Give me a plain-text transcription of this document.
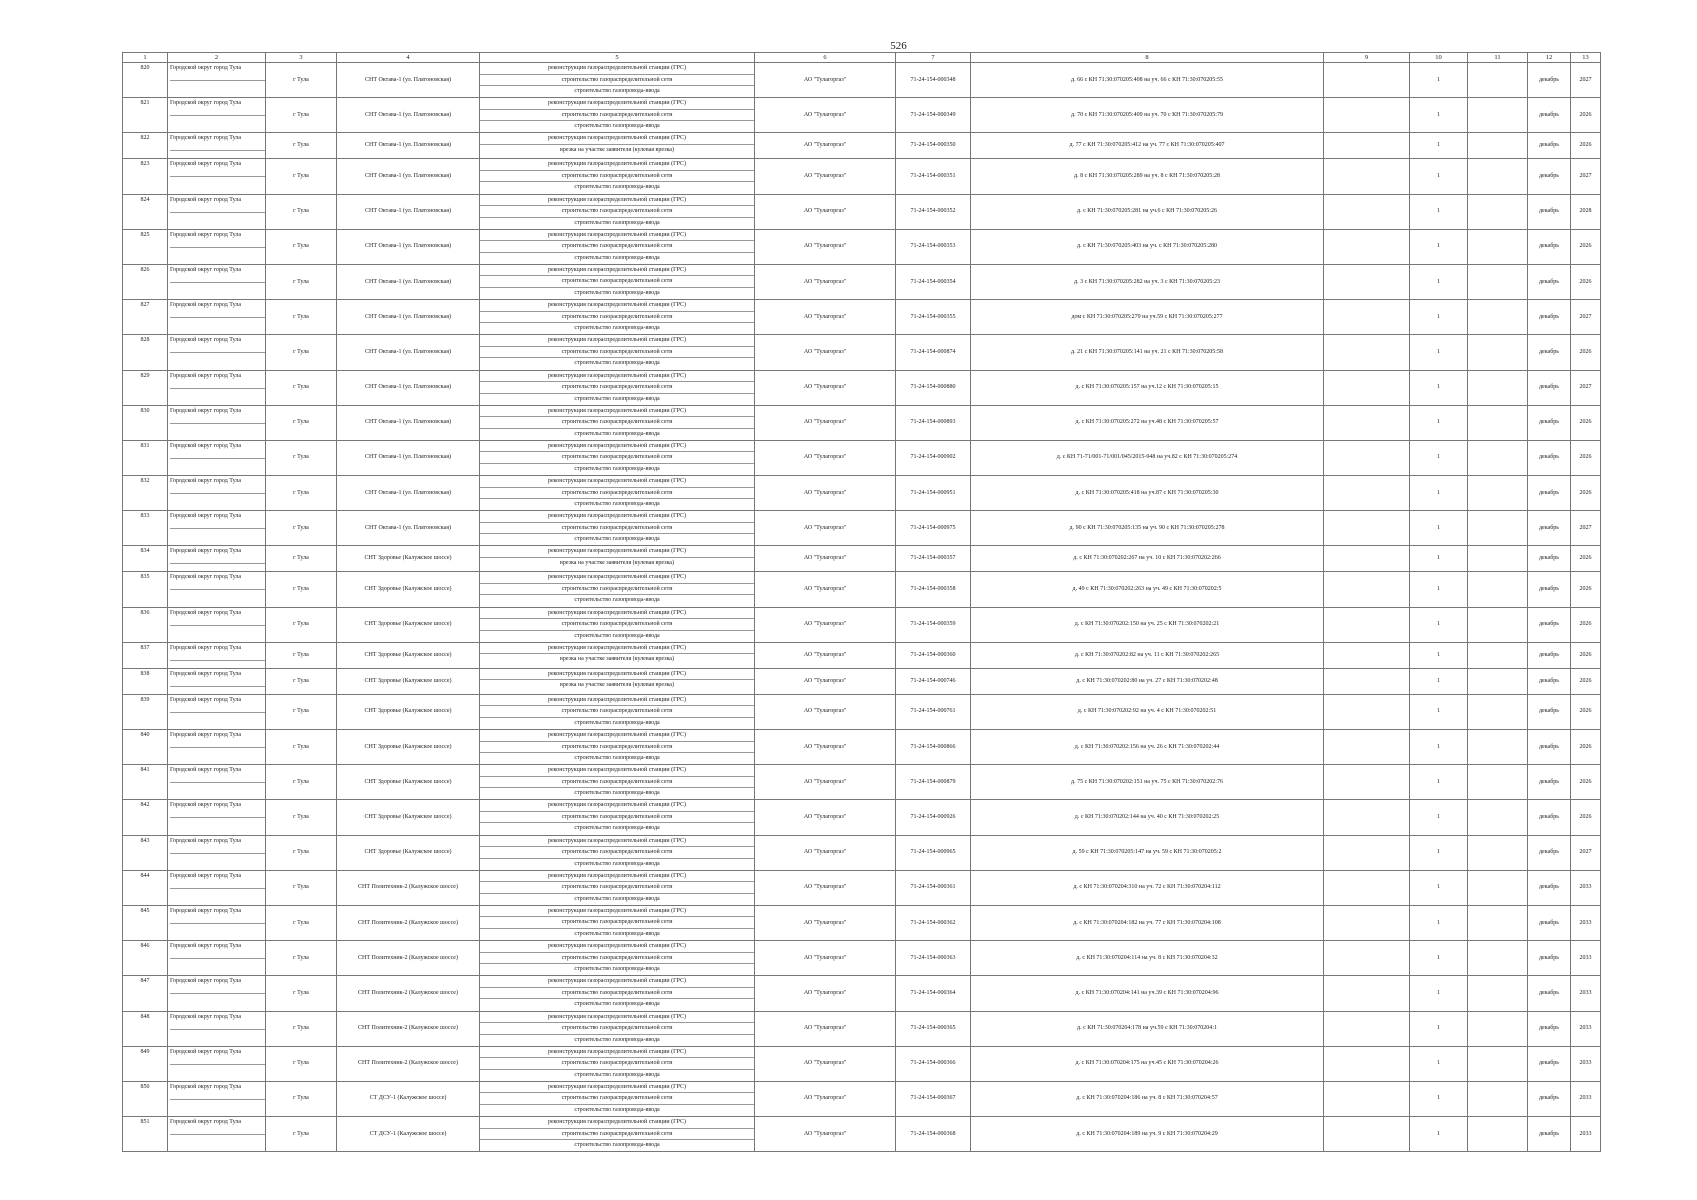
526
1	2	3	4	5	6	7	8	9	10	11	12	13
820	Городской округ город Тула	г Тула	СНТ Октава-1 (ул. Платоновская)	реконструкция газораспределительной станции (ГРС)
строительство газораспределительной сети
строительство газопровода-ввода	АО "Тулагоргаз"	71-24-154-000348	д. 66 с КН 71:30:070205:408 на уч. 66 с КН 71:30:070205:55		1		декабрь	2027
821	Городской округ город Тула	г Тула	СНТ Октава-1 (ул. Платоновская)	реконструкция газораспределительной станции (ГРС)
строительство газораспределительной сети
строительство газопровода-ввода	АО "Тулагоргаз"	71-24-154-000349	д. 70 с КН 71:30:070205:409 на уч. 70 с КН 71:30:070205:79		1		декабрь	2026
822	Городской округ город Тула	г Тула	СНТ Октава-1 (ул. Платоновская)	реконструкция газораспределительной станции (ГРС)
врезка на участке заявителя (кулевая врезка)	АО "Тулагоргаз"	71-24-154-000350	д. 77 с КН 71:30:070205:412 на уч. 77 с КН 71:30:070205:407		1		декабрь	2026
823	Городской округ город Тула	г Тула	СНТ Октава-1 (ул. Платоновская)	реконструкция газораспределительной станции (ГРС)
строительство газораспределительной сети
строительство газопровода-ввода	АО "Тулагоргаз"	71-24-154-000351	д. 8 с КН 71:30:070205:289 на уч. 8 с КН 71:30:070205:28		1		декабрь	2027
824	Городской округ город Тула	г Тула	СНТ Октава-1 (ул. Платоновская)	реконструкция газораспределительной станции (ГРС)
строительство газораспределительной сети
строительство газопровода-ввода	АО "Тулагоргаз"	71-24-154-000352	д. с КН 71:30:070205:281 на уч.6 с КН 71:30:070205:26		1		декабрь	2028
825	Городской округ город Тула	г Тула	СНТ Октава-1 (ул. Платоновская)	реконструкция газораспределительной станции (ГРС)
строительство газораспределительной сети
строительство газопровода-ввода	АО "Тулагоргаз"	71-24-154-000353	д. с КН 71:30:070205:403 на уч. с КН 71:30:070205:280		1		декабрь	2026
826	Городской округ город Тула	г Тула	СНТ Октава-1 (ул. Платоновская)	реконструкция газораспределительной станции (ГРС)
строительство газораспределительной сети
строительство газопровода-ввода	АО "Тулагоргаз"	71-24-154-000354	д. 3 с КН 71:30:070205:282 на уч. 3 с КН 71:30:070205:23		1		декабрь	2026
827	Городской округ город Тула	г Тула	СНТ Октава-1 (ул. Платоновская)	реконструкция газораспределительной станции (ГРС)
строительство газораспределительной сети
строительство газопровода-ввода	АО "Тулагоргаз"	71-24-154-000355	дом с КН 71:30:070205:279 на уч.59 с КН 71:30:070205:277		1		декабрь	2027
828	Городской округ город Тула	г Тула	СНТ Октава-1 (ул. Платоновская)	реконструкция газораспределительной станции (ГРС)
строительство газораспределительной сети
строительство газопровода-ввода	АО "Тулагоргаз"	71-24-154-000874	д. 21 с КН 71:30:070205:141 на уч. 21 с КН 71:30:070205:58		1		декабрь	2026
829	Городской округ город Тула	г Тула	СНТ Октава-1 (ул. Платоновская)	реконструкция газораспределительной станции (ГРС)
строительство газораспределительной сети
строительство газопровода-ввода	АО "Тулагоргаз"	71-24-154-000880	д. с КН 71:30:070205:157 на уч.12 с КН 71:30:070205:15		1		декабрь	2027
830	Городской округ город Тула	г Тула	СНТ Октава-1 (ул. Платоновская)	реконструкция газораспределительной станции (ГРС)
строительство газораспределительной сети
строительство газопровода-ввода	АО "Тулагоргаз"	71-24-154-000893	д. с КН 71:30:070205:272 на уч.48 с КН 71:30:070205:57		1		декабрь	2026
831	Городской округ город Тула	г Тула	СНТ Октава-1 (ул. Платоновская)	реконструкция газораспределительной станции (ГРС)
строительство газораспределительной сети
строительство газопровода-ввода	АО "Тулагоргаз"	71-24-154-000902	д. с КН 71-71/001-71/001/045/2015-948 на уч.82 с КН 71:30:070205:274		1		декабрь	2026
832	Городской округ город Тула	г Тула	СНТ Октава-1 (ул. Платоновская)	реконструкция газораспределительной станции (ГРС)
строительство газораспределительной сети
строительство газопровода-ввода	АО "Тулагоргаз"	71-24-154-000951	д. с КН 71:30:070205:418 на уч.87 с КН 71:30:070205:30		1		декабрь	2026
833	Городской округ город Тула	г Тула	СНТ Октава-1 (ул. Платоновская)	реконструкция газораспределительной станции (ГРС)
строительство газораспределительной сети
строительство газопровода-ввода	АО "Тулагоргаз"	71-24-154-000975	д. 90 с КН 71:30:070205:135 на уч. 90 с КН 71:30:070205:278		1		декабрь	2027
834	Городской округ город Тула	г Тула	СНТ Здоровье (Калужское шоссе)	реконструкция газораспределительной станции (ГРС)
врезка на участке заявителя (кулевая врезка)	АО "Тулагоргаз"	71-24-154-000357	д. с КН 71:30:070202:267 на уч. 10 с КН 71:30:070202:266		1		декабрь	2026
835	Городской округ город Тула	г Тула	СНТ Здоровье (Калужское шоссе)	реконструкция газораспределительной станции (ГРС)
строительство газораспределительной сети
строительство газопровода-ввода	АО "Тулагоргаз"	71-24-154-000358	д. 49 с КН 71:30:070202:263 на уч. 49 с КН 71:30:070202:5		1		декабрь	2026
836	Городской округ город Тула	г Тула	СНТ Здоровье (Калужское шоссе)	реконструкция газораспределительной станции (ГРС)
строительство газораспределительной сети
строительство газопровода-ввода	АО "Тулагоргаз"	71-24-154-000359	д. с КН 71:30:070202:150 на уч. 25 с КН 71:30:070202:21		1		декабрь	2026
837	Городской округ город Тула	г Тула	СНТ Здоровье (Калужское шоссе)	реконструкция газораспределительной станции (ГРС)
врезка на участке заявителя (кулевая врезка)	АО "Тулагоргаз"	71-24-154-000360	д. с КН 71:30:070202:82 на уч. 11 с КН 71:30:070202:265		1		декабрь	2026
838	Городской округ город Тула	г Тула	СНТ Здоровье (Калужское шоссе)	реконструкция газораспределительной станции (ГРС)
врезка на участке заявителя (кулевая врезка)	АО "Тулагоргаз"	71-24-154-000746	д. с КН 71:30:070202:80 на уч. 27 с КН 71:30:070202:48		1		декабрь	2026
839	Городской округ город Тула	г Тула	СНТ Здоровье (Калужское шоссе)	реконструкция газораспределительной станции (ГРС)
строительство газораспределительной сети
строительство газопровода-ввода	АО "Тулагоргаз"	71-24-154-000761	д. с КН 71:30:070202:92 на уч. 4 с КН 71:30:070202:51		1		декабрь	2026
840	Городской округ город Тула	г Тула	СНТ Здоровье (Калужское шоссе)	реконструкция газораспределительной станции (ГРС)
строительство газораспределительной сети
строительство газопровода-ввода	АО "Тулагоргаз"	71-24-154-000866	д. с КН 71:30:070202:156 на уч. 26 с КН 71:30:070202:44		1		декабрь	2026
841	Городской округ город Тула	г Тула	СНТ Здоровье (Калужское шоссе)	реконструкция газораспределительной станции (ГРС)
строительство газораспределительной сети
строительство газопровода-ввода	АО "Тулагоргаз"	71-24-154-000879	д. 75 с КН 71:30:070202:151 на уч. 75 с КН 71:30:070202:76		1		декабрь	2026
842	Городской округ город Тула	г Тула	СНТ Здоровье (Калужское шоссе)	реконструкция газораспределительной станции (ГРС)
строительство газораспределительной сети
строительство газопровода-ввода	АО "Тулагоргаз"	71-24-154-000926	д. с КН 71:30:070202:144 на уч. 40 с КН 71:30:070202:25		1		декабрь	2026
843	Городской округ город Тула	г Тула	СНТ Здоровье (Калужское шоссе)	реконструкция газораспределительной станции (ГРС)
строительство газораспределительной сети
строительство газопровода-ввода	АО "Тулагоргаз"	71-24-154-000965	д. 59 с КН 71:30:070205:147 на уч. 59 с КН 71:30:070205:2		1		декабрь	2027
844	Городской округ город Тула	г Тула	СНТ Политехник-2 (Калужское шоссе)	реконструкция газораспределительной станции (ГРС)
строительство газораспределительной сети
строительство газопровода-ввода	АО "Тулагоргаз"	71-24-154-000361	д. с КН 71:30:070204:310 на уч. 72 с КН 71:30:070204:112		1		декабрь	2033
845	Городской округ город Тула	г Тула	СНТ Политехник-2 (Калужское шоссе)	реконструкция газораспределительной станции (ГРС)
строительство газораспределительной сети
строительство газопровода-ввода	АО "Тулагоргаз"	71-24-154-000362	д. с КН 71:30:070204:182 на уч. 77 с КН 71:30:070204:108		1		декабрь	2033
846	Городской округ город Тула	г Тула	СНТ Политехник-2 (Калужское шоссе)	реконструкция газораспределительной станции (ГРС)
строительство газораспределительной сети
строительство газопровода-ввода	АО "Тулагоргаз"	71-24-154-000363	д. с КН 71:30:070204:114 на уч. 8 с КН 71:30:070204:32		1		декабрь	2033
847	Городской округ город Тула	г Тула	СНТ Политехник-2 (Калужское шоссе)	реконструкция газораспределительной станции (ГРС)
строительство газораспределительной сети
строительство газопровода-ввода	АО "Тулагоргаз"	71-24-154-000364	д. с КН 71:30:070204:141 на уч.39 с КН 71:30:070204:96		1		декабрь	2033
848	Городской округ город Тула	г Тула	СНТ Политехник-2 (Калужское шоссе)	реконструкция газораспределительной станции (ГРС)
строительство газораспределительной сети
строительство газопровода-ввода	АО "Тулагоргаз"	71-24-154-000365	д. с КН 71:30:070204:178 на уч.59 с КН 71:30:070204:1		1		декабрь	2033
849	Городской округ город Тула	г Тула	СНТ Политехник-2 (Калужское шоссе)	реконструкция газораспределительной станции (ГРС)
строительство газораспределительной сети
строительство газопровода-ввода	АО "Тулагоргаз"	71-24-154-000366	д. с КН 71:30:070204:175 на уч.45 с КН 71:30:070204:26		1		декабрь	2033
850	Городской округ город Тула	г Тула	СТ ДСУ-1 (Калужское шоссе)	реконструкция газораспределительной станции (ГРС)
строительство газораспределительной сети
строительство газопровода-ввода	АО "Тулагоргаз"	71-24-154-000367	д. с КН 71:30:070204:186 на уч. 8 с КН 71:30:070204:57		1		декабрь	2033
851	Городской округ город Тула	г Тула	СТ ДСУ-1 (Калужское шоссе)	реконструкция газораспределительной станции (ГРС)
строительство газораспределительной сети
строительство газопровода-ввода	АО "Тулагоргаз"	71-24-154-000368	д. с КН 71:30:070204:189 на уч. 9 с КН 71:30:070204:29		1		декабрь	2033
